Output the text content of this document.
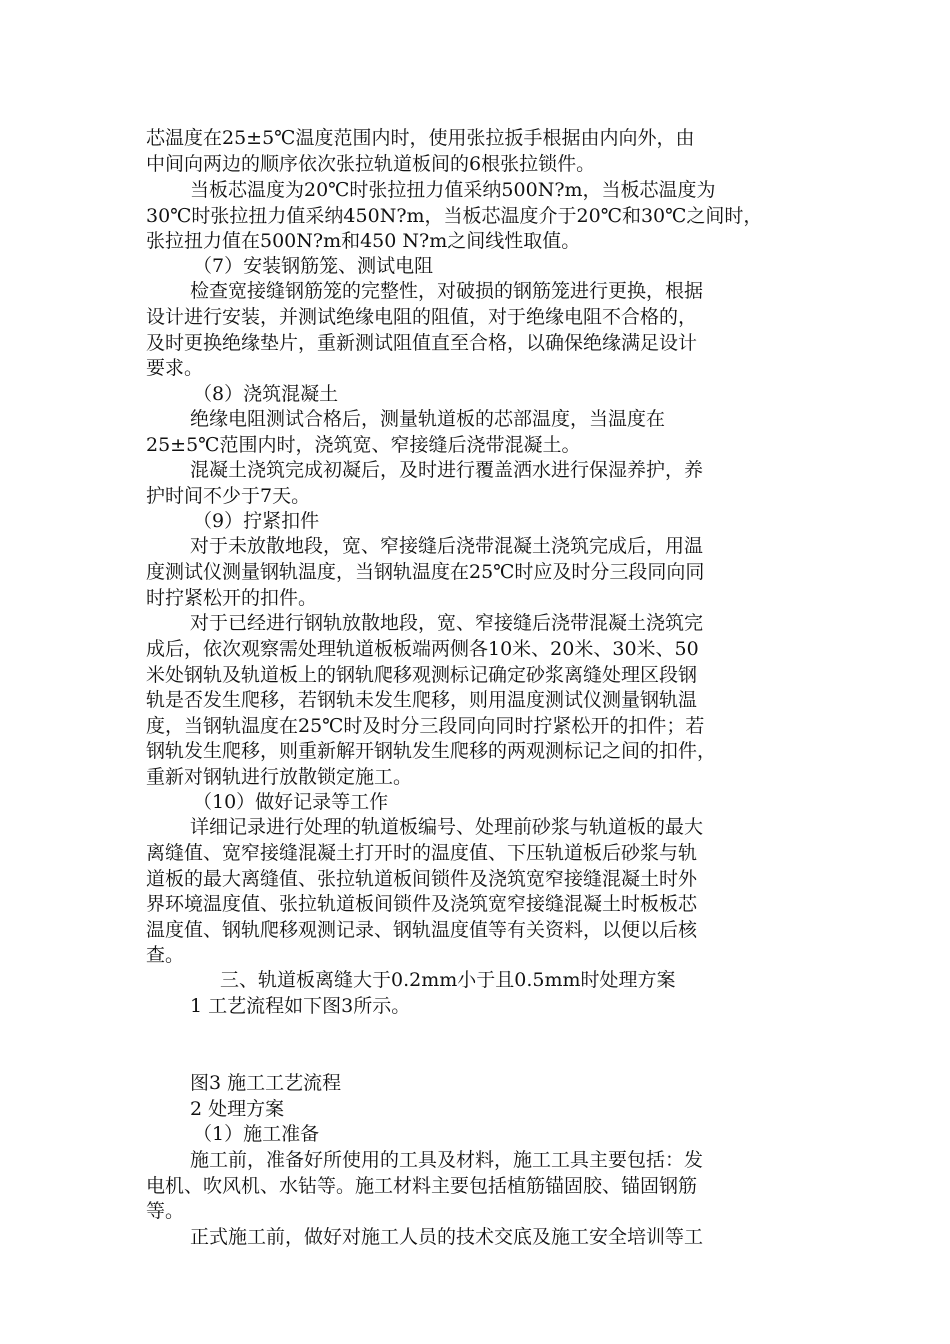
芯温度在25±5℃温度范围内时，使用张拉扳手根据由内向外，由
中间向两边的顺序依次张拉轨道板间的6根张拉锁件。
当板芯温度为20℃时张拉扭力值采纳500N?m，当板芯温度为
30℃时张拉扭力值采纳450N?m，当板芯温度介于20℃和30℃之间时，
张拉扭力值在500N?m和450 N?m之间线性取值。
（7）安装钢筋笼、测试电阻
检查宽接缝钢筋笼的完整性，对破损的钢筋笼进行更换，根据
设计进行安装，并测试绝缘电阻的阻值，对于绝缘电阻不合格的，
及时更换绝缘垫片，重新测试阻值直至合格，以确保绝缘满足设计
要求。
（8）浇筑混凝土
绝缘电阻测试合格后，测量轨道板的芯部温度，当温度在
25±5℃范围内时，浇筑宽、窄接缝后浇带混凝土。
混凝土浇筑完成初凝后，及时进行覆盖洒水进行保湿养护，养
护时间不少于7天。
（9）拧紧扣件
对于未放散地段，宽、窄接缝后浇带混凝土浇筑完成后，用温
度测试仪测量钢轨温度，当钢轨温度在25℃时应及时分三段同向同
时拧紧松开的扣件。
对于已经进行钢轨放散地段，宽、窄接缝后浇带混凝土浇筑完
成后，依次观察需处理轨道板板端两侧各10米、20米、30米、50
米处钢轨及轨道板上的钢轨爬移观测标记确定砂浆离缝处理区段钢
轨是否发生爬移，若钢轨未发生爬移，则用温度测试仪测量钢轨温
度，当钢轨温度在25℃时及时分三段同向同时拧紧松开的扣件；若
钢轨发生爬移，则重新解开钢轨发生爬移的两观测标记之间的扣件，
重新对钢轨进行放散锁定施工。
（10）做好记录等工作
详细记录进行处理的轨道板编号、处理前砂浆与轨道板的最大
离缝值、宽窄接缝混凝土打开时的温度值、下压轨道板后砂浆与轨
道板的最大离缝值、张拉轨道板间锁件及浇筑宽窄接缝混凝土时外
界环境温度值、张拉轨道板间锁件及浇筑宽窄接缝混凝土时板板芯
温度值、钢轨爬移观测记录、钢轨温度值等有关资料，以便以后核
查。
三、轨道板离缝大于0.2mm小于且0.5mm时处理方案
1 工艺流程如下图3所示。
图3 施工工艺流程
2 处理方案
（1）施工准备
施工前，准备好所使用的工具及材料，施工工具主要包括：发
电机、吹风机、水钻等。施工材料主要包括植筋锚固胶、锚固钢筋
等。
正式施工前，做好对施工人员的技术交底及施工安全培训等工
